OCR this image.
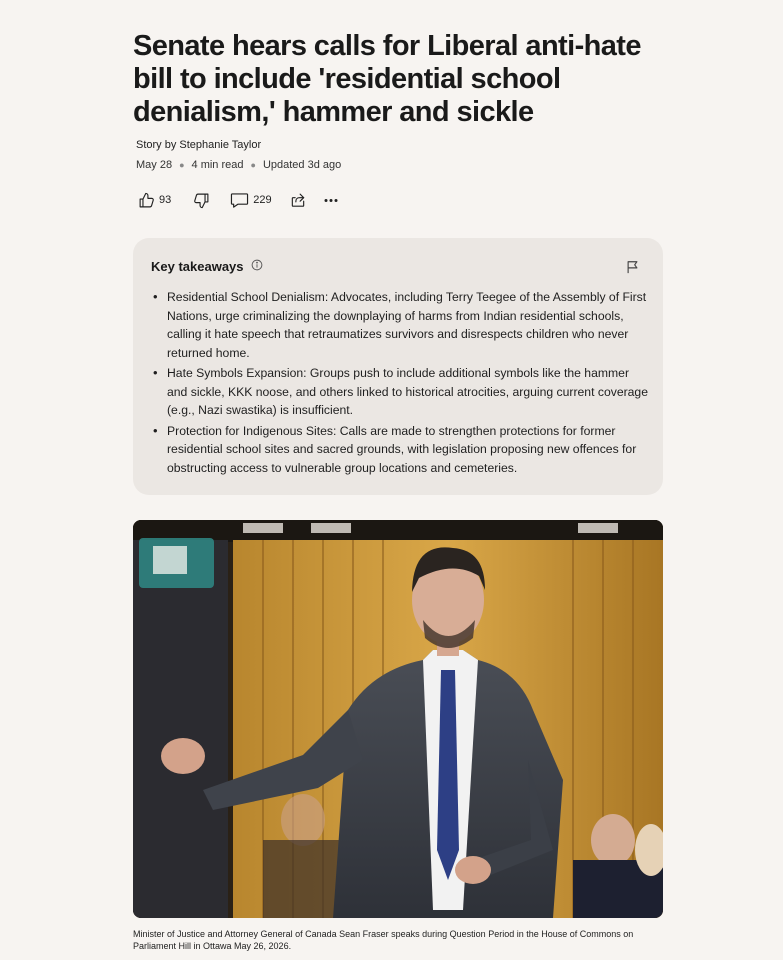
Senate hears calls for Liberal anti-hate bill to include 'residential school denialism,' hammer and sickle
Story by Stephanie Taylor
May 28 ● 4 min read ● Updated 3d ago
93	229
Key takeaways
• Residential School Denialism: Advocates, including Terry Teegee of the Assembly of First Nations, urge criminalizing the downplaying of harms from Indian residential schools, calling it hate speech that retraumatizes survivors and disrespects children who never returned home.
• Hate Symbols Expansion: Groups push to include additional symbols like the hammer and sickle, KKK noose, and others linked to historical atrocities, arguing current coverage (e.g., Nazi swastika) is insufficient.
• Protection for Indigenous Sites: Calls are made to strengthen protections for former residential school sites and sacred grounds, with legislation proposing new offences for obstructing access to vulnerable group locations and cemeteries.
Minister of Justice and Attorney General of Canada Sean Fraser speaks during Question Period in the House of Commons on Parliament Hill in Ottawa May 26, 2026.
